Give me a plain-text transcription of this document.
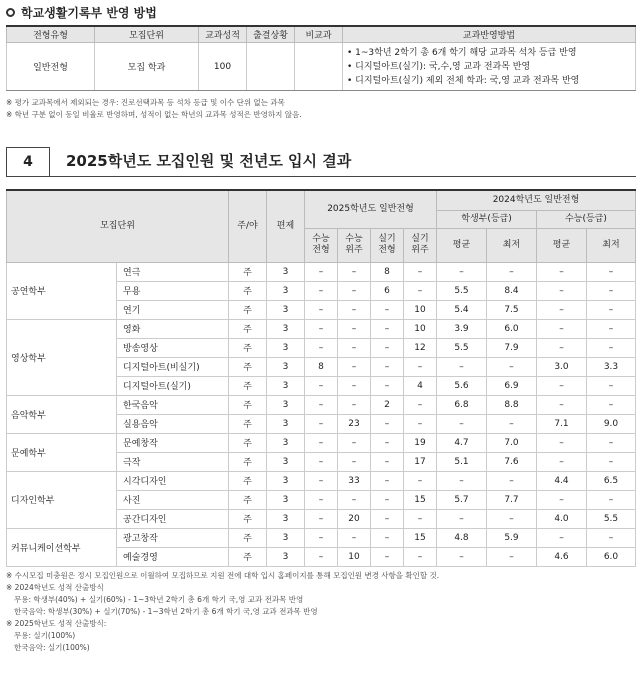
학교생활기록부 반영 방법
전형유형	모집단위	교과성적	출결상황	비교과	교과반영방법
일반전형	모집 학과	100			• 1~3학년 2학기 총 6개 학기 해당 교과목 석차 등급 반영
• 디지털아트(실기): 국,수,영 교과 전과목 반영
• 디지털아트(실기) 제외 전체 학과: 국,영 교과 전과목 반영
※ 평가 교과목에서 제외되는 경우: 진로선택과목 등 석차 등급 및 이수 단위 없는 과목
※ 학년 구분 없이 동일 비율로 반영하며, 성적이 없는 학년의 교과목 성적은 반영하지 않음.
4	2025학년도 모집인원 및 전년도 입시 결과
모집단위		주/야	편제	2025학년도 일반전형				2024학년도 일반전형			
								학생부(등급)		수능(등급)	
				수능 전형	수능 위주	실기 전형	실기 위주	평균	최저	평균	최저
공연학부	연극	주	3	–	–	8	–	–	–	–	–
	무용	주	3	–	–	6	–	5.5	8.4	–	–
	연기	주	3	–	–	–	10	5.4	7.5	–	–
영상학부	영화	주	3	–	–	–	10	3.9	6.0	–	–
	방송영상	주	3	–	–	–	12	5.5	7.9	–	–
	디지털아트(비실기)	주	3	8	–	–	–	–	–	3.0	3.3
	디지털아트(실기)	주	3	–	–	–	4	5.6	6.9	–	–
음악학부	한국음악	주	3	–	–	2	–	6.8	8.8	–	–
	실용음악	주	3	–	23	–	–	–	–	7.1	9.0
문예학부	문예창작	주	3	–	–	–	19	4.7	7.0	–	–
	극작	주	3	–	–	–	17	5.1	7.6	–	–
디자인학부	시각디자인	주	3	–	33	–	–	–	–	4.4	6.5
	사진	주	3	–	–	–	15	5.7	7.7	–	–
	공간디자인	주	3	–	20	–	–	–	–	4.0	5.5
커뮤니케이션학부	광고창작	주	3	–	–	–	15	4.8	5.9	–	–
	예술경영	주	3	–	10	–	–	–	–	4.6	6.0
※ 수시모집 미충원은 정시 모집인원으로 이월하여 모집하므로 지원 전에 대학 입시 홈페이지를 통해 모집인원 변경 사항을 확인할 것.
※ 2024학년도 성적 산출방식
무용: 학생부(40%) + 실기(60%) - 1~3학년 2학기 총 6개 학기 국,영 교과 전과목 반영
한국음악: 학생부(30%) + 실기(70%) - 1~3학년 2학기 총 6개 학기 국,영 교과 전과목 반영
※ 2025학년도 성적 산출방식:
무용: 실기(100%)
한국음악: 실기(100%)
